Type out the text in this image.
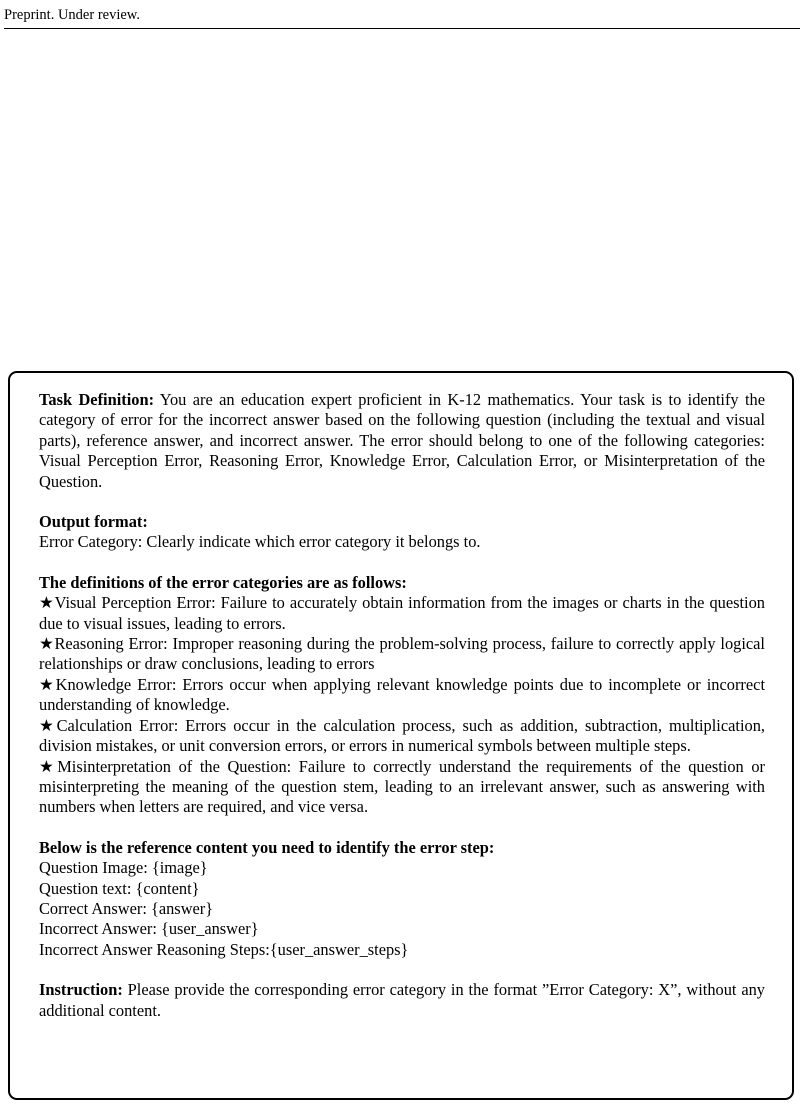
Preprint. Under review.

Task Definition: You are an education expert proficient in K-12 mathematics. Your task is to identify the category of error for the incorrect answer based on the following question (including the textual and visual parts), reference answer, and incorrect answer. The error should belong to one of the following categories: Visual Perception Error, Reasoning Error, Knowledge Error, Calculation Error, or Misinterpretation of the Question.

Output format:
Error Category: Clearly indicate which error category it belongs to.
The definitions of the error categories are as follows:

★Visual Perception Error: Failure to accurately obtain information from the images or charts in the question due to visual issues, leading to errors.

★Reasoning Error: Improper reasoning during the problem-solving process, failure to correctly apply logical relationships or draw conclusions, leading to errors

★Knowledge Error: Errors occur when applying relevant knowledge points due to incomplete or incorrect understanding of knowledge.

★Calculation Error: Errors occur in the calculation process, such as addition, subtraction, multiplication, division mistakes, or unit conversion errors, or errors in numerical symbols between multiple steps.

★Misinterpretation of the Question: Failure to correctly understand the requirements of the question or misinterpreting the meaning of the question stem, leading to an irrelevant answer, such as answering with numbers when letters are required, and vice versa.

Below is the reference content you need to identify the error step:
Question Image: {image}
Question text: {content}
Correct Answer: {answer}
Incorrect Answer: {user_answer}
Incorrect Answer Reasoning Steps:{user_answer_steps}

Instruction: Please provide the corresponding error category in the format ”Error Category: X”, without any additional content.
